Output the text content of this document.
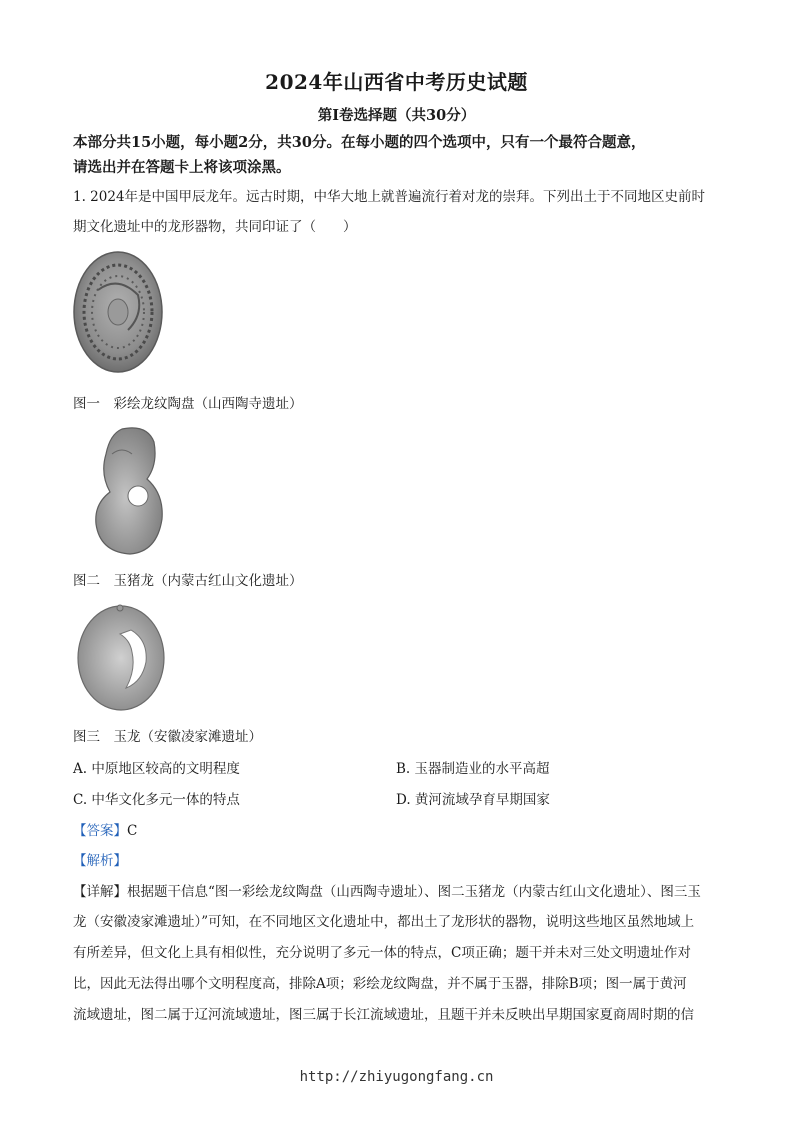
2024年山西省中考历史试题
第I卷选择题（共30分）
本部分共15小题，每小题2分，共30分。在每小题的四个选项中，只有一个最符合题意，
请选出并在答题卡上将该项涂黑。
1. 2024年是中国甲辰龙年。远古时期，中华大地上就普遍流行着对龙的崇拜。下列出土于不同地区史前时
期文化遗址中的龙形器物，共同印证了（　　）
图一　彩绘龙纹陶盘（山西陶寺遗址）
图二　玉猪龙（内蒙古红山文化遗址）
图三　玉龙（安徽凌家滩遗址）
A. 中原地区较高的文明程度	B. 玉器制造业的水平高超
C. 中华文化多元一体的特点	D. 黄河流域孕育早期国家
【答案】C
【解析】
【详解】根据题干信息“图一彩绘龙纹陶盘（山西陶寺遗址）、图二玉猪龙（内蒙古红山文化遗址）、图三玉
龙（安徽凌家滩遗址）”可知，在不同地区文化遗址中，都出土了龙形状的器物，说明这些地区虽然地域上
有所差异，但文化上具有相似性，充分说明了多元一体的特点，C项正确；题干并未对三处文明遗址作对
比，因此无法得出哪个文明程度高，排除A项；彩绘龙纹陶盘，并不属于玉器，排除B项；图一属于黄河
流域遗址，图二属于辽河流域遗址，图三属于长江流域遗址，且题干并未反映出早期国家夏商周时期的信
http://zhiyugongfang.cn
